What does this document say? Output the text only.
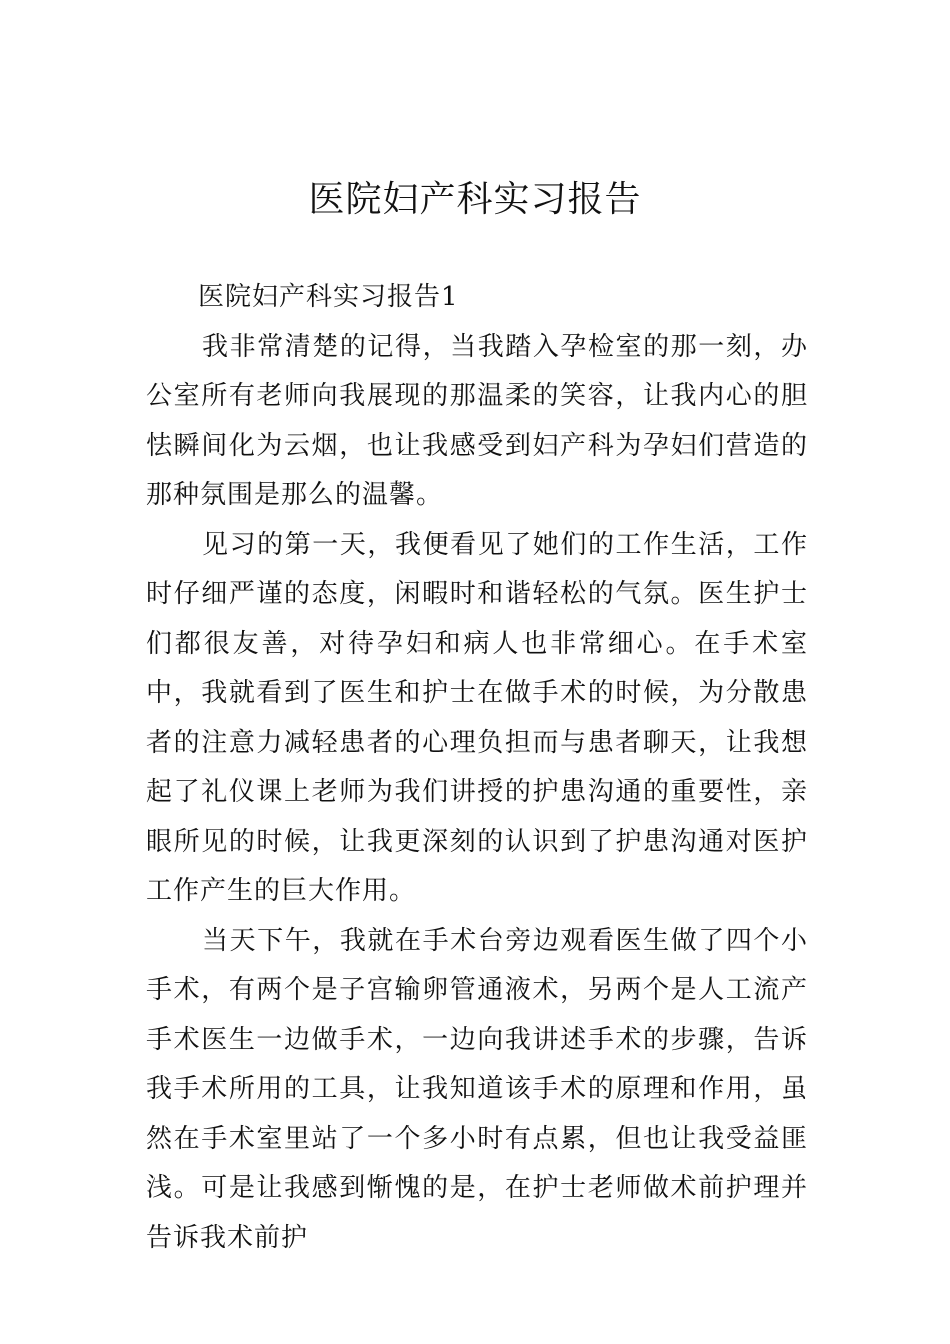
医院妇产科实习报告
医院妇产科实习报告1

我非常清楚的记得，当我踏入孕检室的那一刻，办公室所有老师向我展现的那温柔的笑容，让我内心的胆怯瞬间化为云烟，也让我感受到妇产科为孕妇们营造的那种氛围是那么的温馨。

见习的第一天，我便看见了她们的工作生活，工作时仔细严谨的态度，闲暇时和谐轻松的气氛。医生护士们都很友善，对待孕妇和病人也非常细心。在手术室中，我就看到了医生和护士在做手术的时候，为分散患者的注意力减轻患者的心理负担而与患者聊天，让我想起了礼仪课上老师为我们讲授的护患沟通的重要性，亲眼所见的时候，让我更深刻的认识到了护患沟通对医护工作产生的巨大作用。

当天下午，我就在手术台旁边观看医生做了四个小手术，有两个是子宫输卵管通液术，另两个是人工流产手术医生一边做手术，一边向我讲述手术的步骤，告诉我手术所用的工具，让我知道该手术的原理和作用，虽然在手术室里站了一个多小时有点累，但也让我受益匪浅。可是让我感到惭愧的是，在护士老师做术前护理并告诉我术前护
